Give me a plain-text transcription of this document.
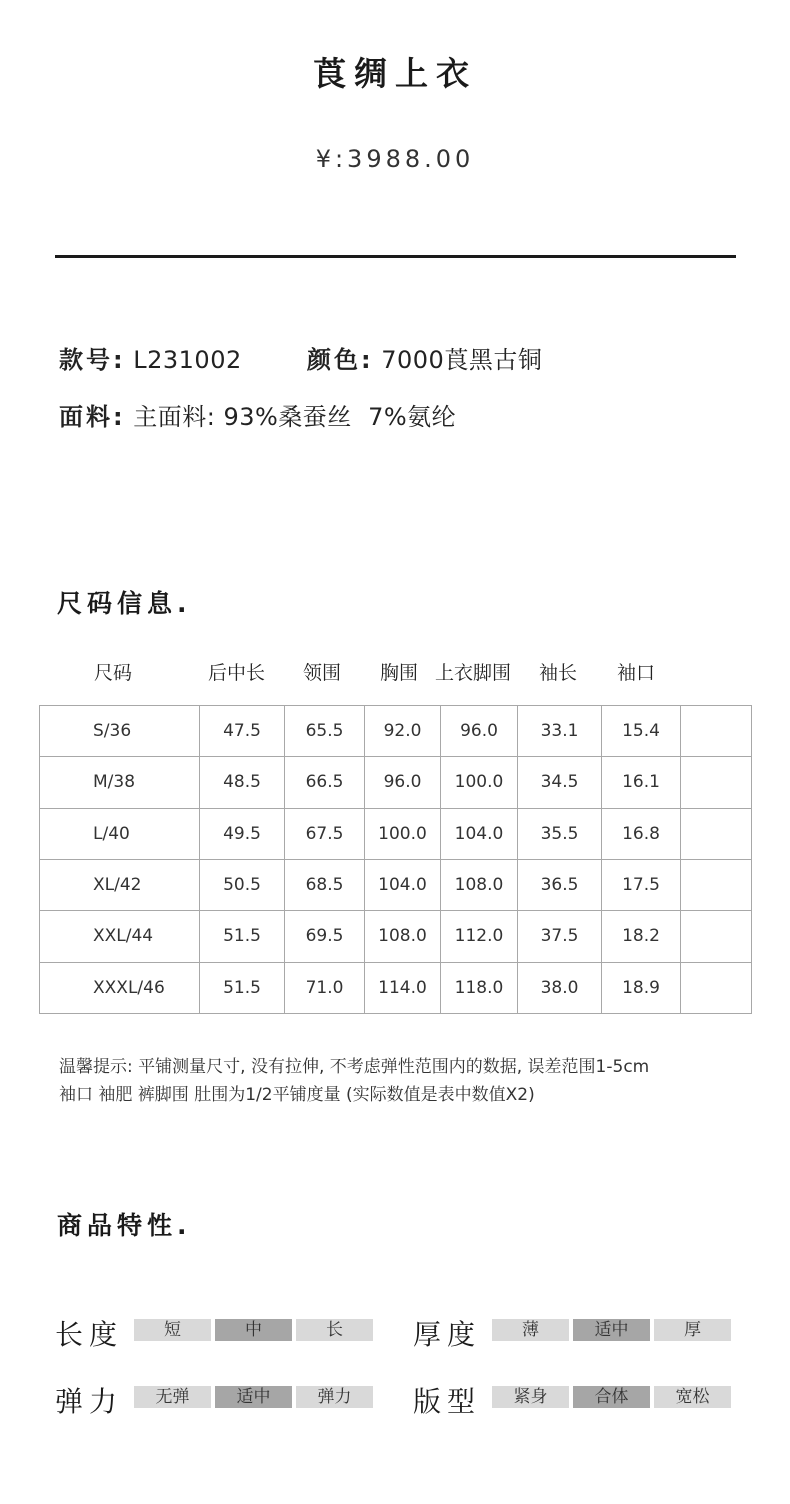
莨绸上衣
¥:3988.00
款号: L231002	颜色: 7000莨黑古铜
面料: 主面料: 93%桑蚕丝  7%氨纶
尺码信息.
尺码	后中长 领围 胸围 上衣脚围 袖长 袖口
S/36	47.5	65.5	92.0	96.0	33.1	15.4	
M/38	48.5	66.5	96.0	100.0	34.5	16.1	
L/40	49.5	67.5	100.0	104.0	35.5	16.8	
XL/42	50.5	68.5	104.0	108.0	36.5	17.5	
XXL/44	51.5	69.5	108.0	112.0	37.5	18.2	
XXXL/46	51.5	71.0	114.0	118.0	38.0	18.9	
温馨提示: 平铺测量尺寸, 没有拉伸, 不考虑弹性范围内的数据, 误差范围1-5cm
袖口 袖肥 裤脚围 肚围为1/2平铺度量 (实际数值是表中数值X2)
商品特性.
长度	厚度
弹力	版型
短	中	长	薄	适中	厚
无弹	适中	弹力	紧身	合体	宽松
